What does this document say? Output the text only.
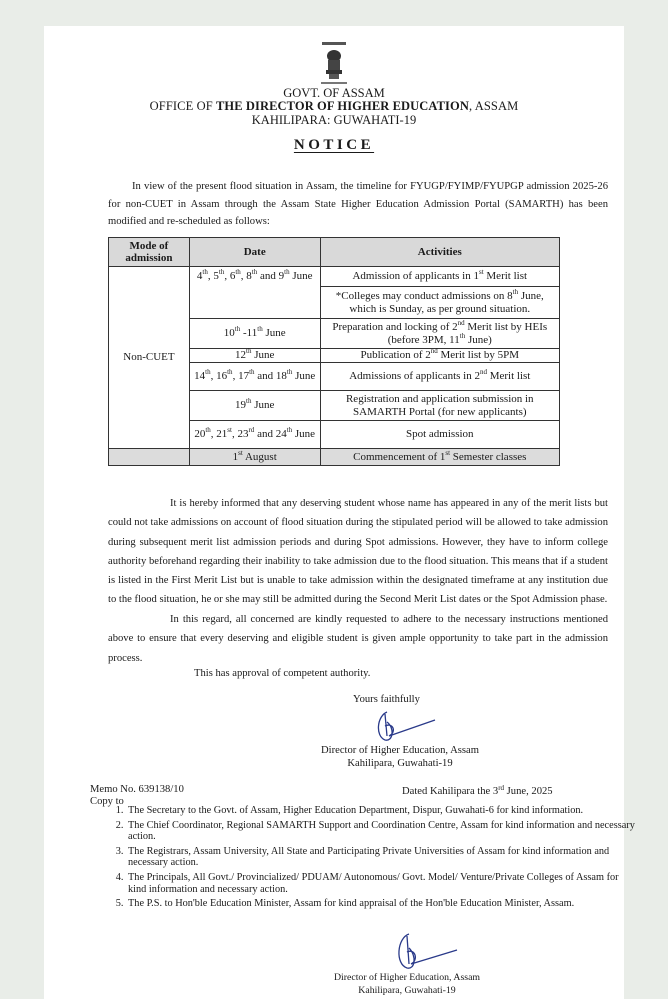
GOVT. OF ASSAM
OFFICE OF THE DIRECTOR OF HIGHER EDUCATION, ASSAM
KAHILIPARA: GUWAHATI-19
NOTICE
In view of the present flood situation in Assam, the timeline for FYUGP/FYIMP/FYUPGP admission 2025-26 for non-CUET in Assam through the Assam State Higher Education Admission Portal (SAMARTH) has been modified and re-scheduled as follows:
Mode of admission	Date	Activities
Non-CUET	4th, 5th, 6th, 8th and 9th June	Admission of applicants in 1st Merit list
		*Colleges may conduct admissions on 8th June, which is Sunday, as per ground situation.
	10th -11th June	Preparation and locking of 2nd Merit list by HEIs (before 3PM, 11th June)
	12th June	Publication of 2nd Merit list by 5PM
	14th, 16th, 17th and 18th June	Admissions of applicants in 2nd Merit list
	19th June	Registration and application submission in SAMARTH Portal (for new applicants)
	20th, 21st, 23rd and 24th June	Spot admission
	1st August	Commencement of 1st Semester classes
It is hereby informed that any deserving student whose name has appeared in any of the merit lists but could not take admissions on account of flood situation during the stipulated period will be allowed to take admission during subsequent merit list admission periods and during Spot admissions. However, they have to inform college authority beforehand regarding their inability to take admission due to the flood situation. This means that if a student is listed in the First Merit List but is unable to take admission within the designated timeframe at any institution due to the flood situation, he or she may still be admitted during the Second Merit List dates or the Spot Admission phase.
In this regard, all concerned are kindly requested to adhere to the necessary instructions mentioned above to ensure that every deserving and eligible student is given ample opportunity to take part in the admission process.
This has approval of competent authority.
Yours faithfully
Director of Higher Education, Assam
Kahilipara, Guwahati-19
Memo No. 639138/10
Copy to
Dated Kahilipara the 3rd June, 2025
1. The Secretary to the Govt. of Assam, Higher Education Department, Dispur, Guwahati-6 for kind information.
2. The Chief Coordinator, Regional SAMARTH Support and Coordination Centre, Assam for kind information and necessary action.
3. The Registrars, Assam University, All State and Participating Private Universities of Assam for kind information and necessary action.
4. The Principals, All Govt./ Provincialized/ PDUAM/ Autonomous/ Govt. Model/ Venture/Private Colleges of Assam for kind information and necessary action.
5. The P.S. to Hon'ble Education Minister, Assam for kind appraisal of the Hon'ble Education Minister, Assam.
Director of Higher Education, Assam
Kahilipara, Guwahati-19
